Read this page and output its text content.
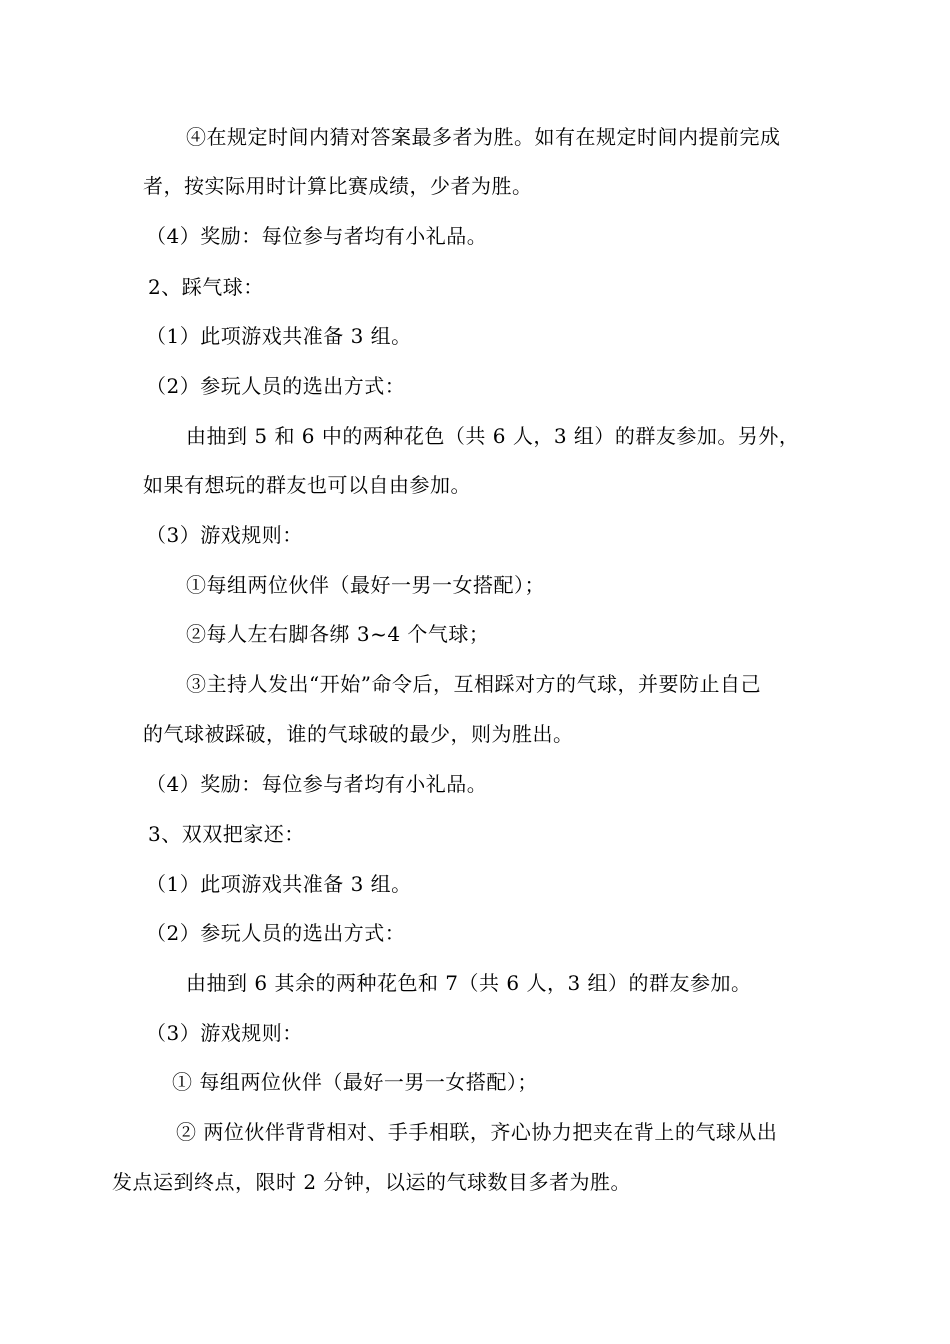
④在规定时间内猜对答案最多者为胜。如有在规定时间内提前完成
者，按实际用时计算比赛成绩，少者为胜。
（4）奖励：每位参与者均有小礼品。
2、踩气球：
（1）此项游戏共准备 3 组。
（2）参玩人员的选出方式：
由抽到 5 和 6 中的两种花色（共 6 人，3 组）的群友参加。另外，
如果有想玩的群友也可以自由参加。
（3）游戏规则：
①每组两位伙伴（最好一男一女搭配）；
②每人左右脚各绑 3~4 个气球；
③主持人发出“开始”命令后，互相踩对方的气球，并要防止自己
的气球被踩破，谁的气球破的最少，则为胜出。
（4）奖励：每位参与者均有小礼品。
3、双双把家还：
（1）此项游戏共准备 3 组。
（2）参玩人员的选出方式：
由抽到 6 其余的两种花色和 7（共 6 人，3 组）的群友参加。
（3）游戏规则：
① 每组两位伙伴（最好一男一女搭配）；
② 两位伙伴背背相对、手手相联，齐心协力把夹在背上的气球从出
发点运到终点，限时 2 分钟，以运的气球数目多者为胜。
